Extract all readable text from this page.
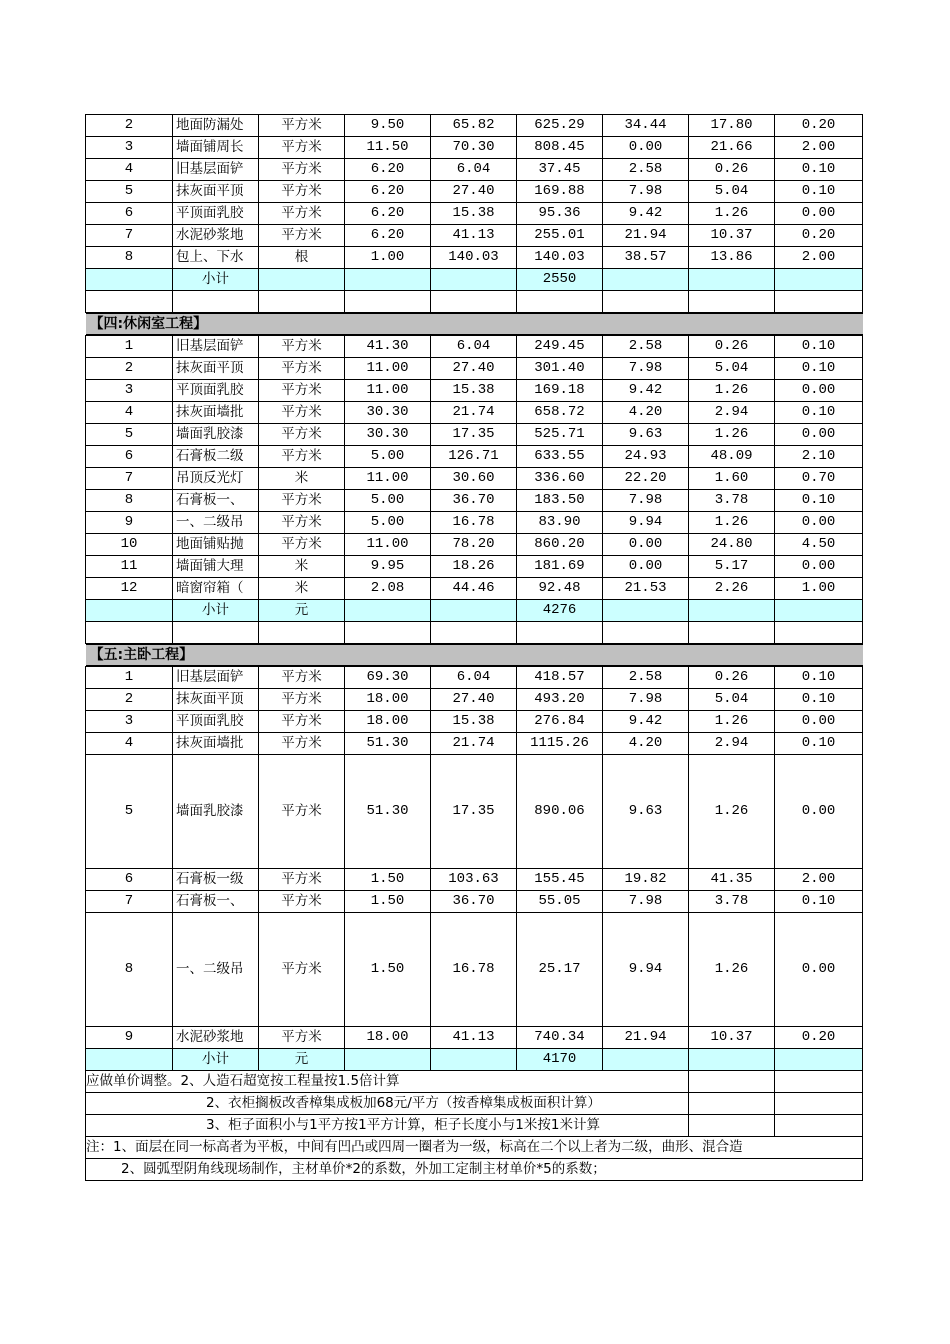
2	地面防漏处	平方米	9.50	65.82	625.29	34.44	17.80	0.20
3	墙面铺周长	平方米	11.50	70.30	808.45	0.00	21.66	2.00
4	旧基层面铲	平方米	6.20	6.04	37.45	2.58	0.26	0.10
5	抹灰面平顶	平方米	6.20	27.40	169.88	7.98	5.04	0.10
6	平顶面乳胶	平方米	6.20	15.38	95.36	9.42	1.26	0.00
7	水泥砂浆地	平方米	6.20	41.13	255.01	21.94	10.37	0.20
8	包上、下水	根	1.00	140.03	140.03	38.57	13.86	2.00
	小计				2550			

【四:休闲室工程】								

1	旧基层面铲	平方米	41.30	6.04	249.45	2.58	0.26	0.10
2	抹灰面平顶	平方米	11.00	27.40	301.40	7.98	5.04	0.10
3	平顶面乳胶	平方米	11.00	15.38	169.18	9.42	1.26	0.00
4	抹灰面墙批	平方米	30.30	21.74	658.72	4.20	2.94	0.10
5	墙面乳胶漆	平方米	30.30	17.35	525.71	9.63	1.26	0.00
6	石膏板二级	平方米	5.00	126.71	633.55	24.93	48.09	2.10
7	吊顶反光灯	米	11.00	30.60	336.60	22.20	1.60	0.70
8	石膏板一、	平方米	5.00	36.70	183.50	7.98	3.78	0.10
9	一、二级吊	平方米	5.00	16.78	83.90	9.94	1.26	0.00
10	地面铺贴抛	平方米	11.00	78.20	860.20	0.00	24.80	4.50
11	墙面铺大理	米	9.95	18.26	181.69	0.00	5.17	0.00
12	暗窗帘箱（	米	2.08	44.46	92.48	21.53	2.26	1.00
	小计	元			4276			

【五:主卧工程】								

1	旧基层面铲	平方米	69.30	6.04	418.57	2.58	0.26	0.10
2	抹灰面平顶	平方米	18.00	27.40	493.20	7.98	5.04	0.10
3	平顶面乳胶	平方米	18.00	15.38	276.84	9.42	1.26	0.00
4	抹灰面墙批	平方米	51.30	21.74	1115.26	4.20	2.94	0.10
5	墙面乳胶漆	平方米	51.30	17.35	890.06	9.63	1.26	0.00
6	石膏板一级	平方米	1.50	103.63	155.45	19.82	41.35	2.00
7	石膏板一、	平方米	1.50	36.70	55.05	7.98	3.78	0.10
8	一、二级吊	平方米	1.50	16.78	25.17	9.94	1.26	0.00
9	水泥砂浆地	平方米	18.00	41.13	740.34	21.94	10.37	0.20
	小计	元			4170			
应做单价调整。2、人造石超宽按工程量按1.5倍计算								
2、衣柜搁板改香樟集成板加68元/平方（按香樟集成板面积计算）								
3、柜子面积小与1平方按1平方计算，柜子长度小与1米按1米计算								
注：1、面层在同一标高者为平板，中间有凹凸或四周一圈者为一级，标高在二个以上者为二级，曲形、混合造								
2、圆弧型阴角线现场制作，主材单价*2的系数，外加工定制主材单价*5的系数；								
